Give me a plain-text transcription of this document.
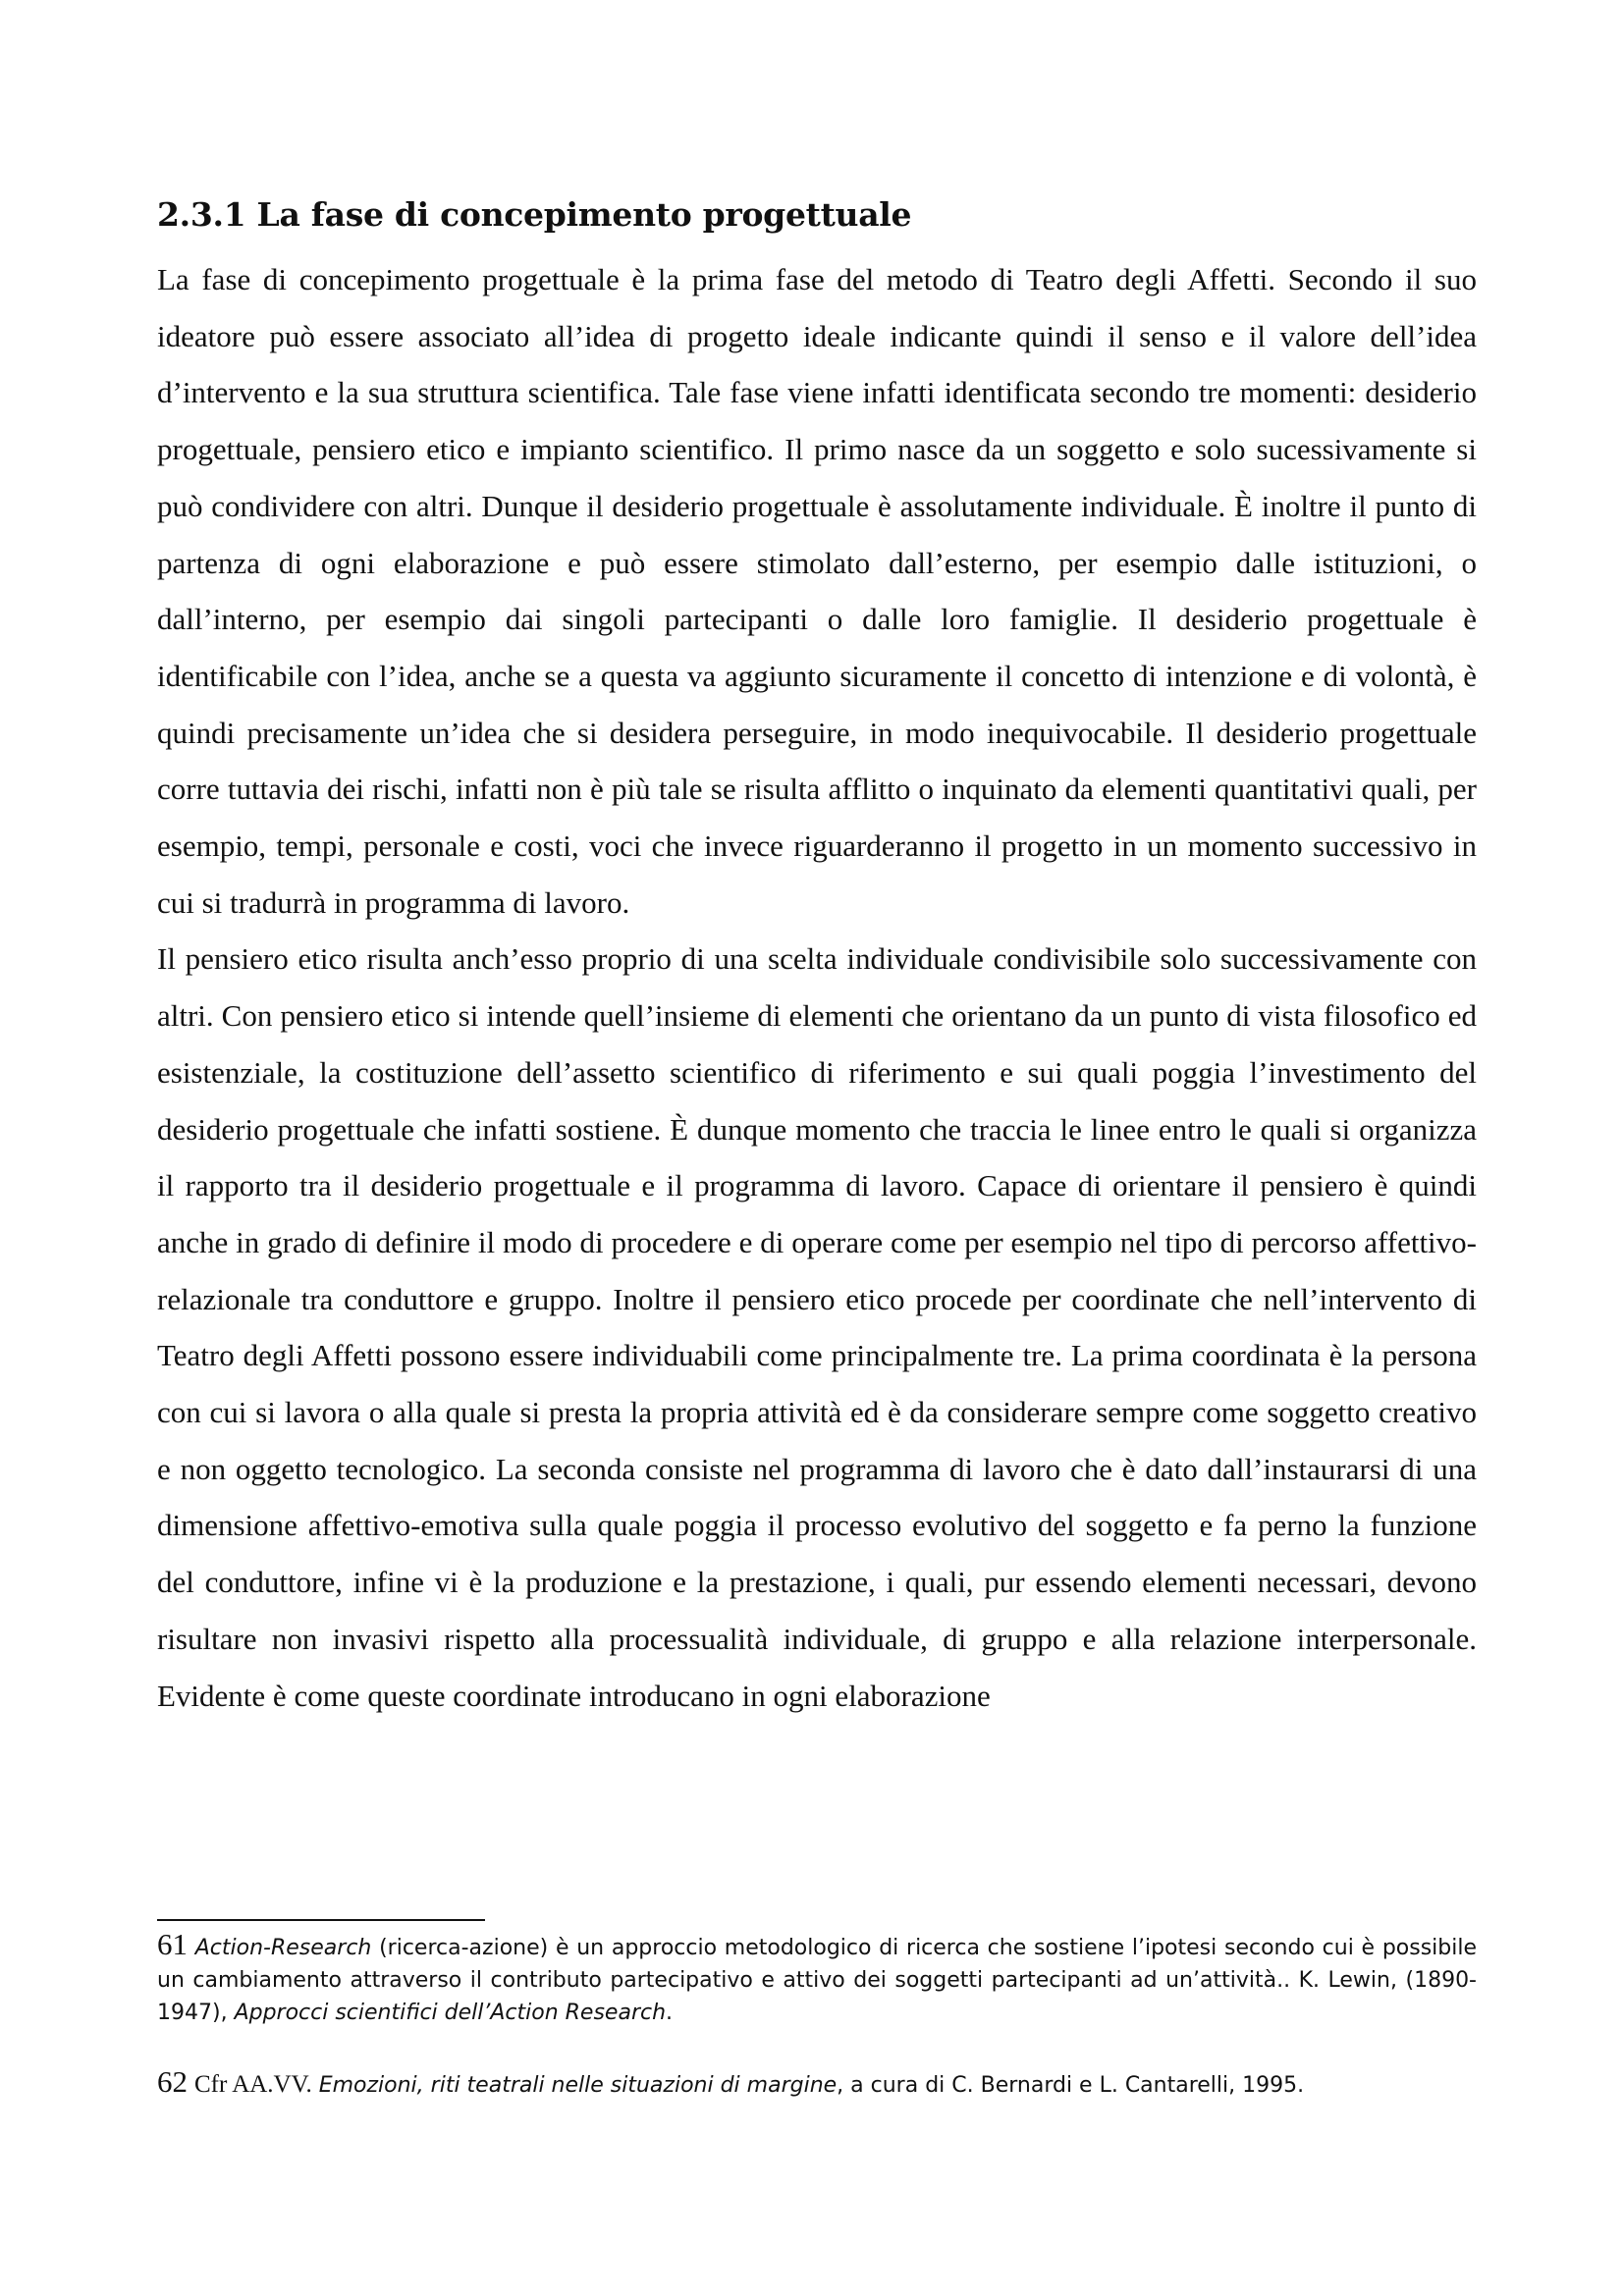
2.3.1 La fase di concepimento progettuale

La fase di concepimento progettuale è la prima fase del metodo di Teatro degli Affetti. Secondo il suo ideatore può essere associato all’idea di progetto ideale indicante quindi il senso e il valore dell’idea d’intervento e la sua struttura scientifica. Tale fase viene infatti identificata secondo tre momenti: desiderio progettuale, pensiero etico e impianto scientifico. Il primo nasce da un soggetto e solo sucessivamente si può condividere con altri. Dunque il desiderio progettuale è assolutamente individuale. È inoltre il punto di partenza di ogni elaborazione e può essere stimolato dall’esterno, per esempio dalle istituzioni, o dall’interno, per esempio dai singoli partecipanti o dalle loro famiglie. Il desiderio progettuale è identificabile con l’idea, anche se a questa va aggiunto sicuramente il concetto di intenzione e di volontà, è quindi precisamente un’idea che si desidera perseguire, in modo inequivocabile. Il desiderio progettuale corre tuttavia dei rischi, infatti non è più tale se risulta afflitto o inquinato da elementi quantitativi quali, per esempio, tempi, personale e costi, voci che invece riguarderanno il progetto in un momento successivo in cui si tradurrà in programma di lavoro.

Il pensiero etico risulta anch’esso proprio di una scelta individuale condivisibile solo successivamente con altri. Con pensiero etico si intende quell’insieme di elementi che orientano da un punto di vista filosofico ed esistenziale, la costituzione dell’assetto scientifico di riferimento e sui quali poggia l’investimento del desiderio progettuale che infatti sostiene. È dunque momento che traccia le linee entro le quali si organizza il rapporto tra il desiderio progettuale e il programma di lavoro. Capace di orientare il pensiero è quindi anche in grado di definire il modo di procedere e di operare come per esempio nel tipo di percorso affettivo-relazionale tra conduttore e gruppo. Inoltre il pensiero etico procede per coordinate che nell’intervento di Teatro degli Affetti possono essere individuabili come principalmente tre. La prima coordinata è la persona con cui si lavora o alla quale si presta la propria attività ed è da considerare sempre come soggetto creativo e non oggetto tecnologico. La seconda consiste nel programma di lavoro che è dato dall’instaurarsi di una dimensione affettivo-emotiva sulla quale poggia il processo evolutivo del soggetto e fa perno la funzione del conduttore, infine vi è la produzione e la prestazione, i quali, pur essendo elementi necessari, devono risultare non invasivi rispetto alla processualità individuale, di gruppo e alla relazione interpersonale. Evidente è come queste coordinate introducano in ogni elaborazione

61 Action-Research (ricerca-azione) è un approccio metodologico di ricerca che sostiene l’ipotesi secondo cui è possibile un cambiamento attraverso il contributo partecipativo e attivo dei soggetti partecipanti ad un’attività.. K. Lewin, (1890-1947), Approcci scientifici dell’Action Research.

62 Cfr AA.VV. Emozioni, riti teatrali nelle situazioni di margine, a cura di C. Bernardi e L. Cantarelli, 1995.
